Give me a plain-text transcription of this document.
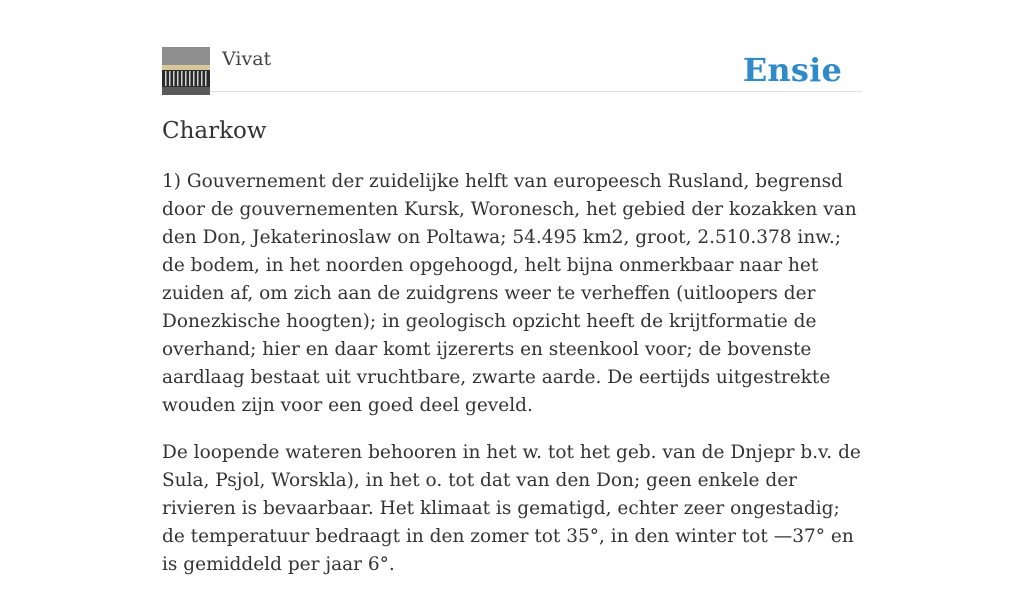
Vivat	Ensie
Charkow

1) Gouvernement der zuidelijke helft van europeesch Rusland, begrensd door de gouvernementen Kursk, Woronesch, het gebied der kozakken van den Don, Jekaterinoslaw on Poltawa; 54.495 km2, groot, 2.510.378 inw.; de bodem, in het noorden opgehoogd, helt bijna onmerkbaar naar het zuiden af, om zich aan de zuidgrens weer te verheffen (uitloopers der Donezkische hoogten); in geologisch opzicht heeft de krijtformatie de overhand; hier en daar komt ijzererts en steenkool voor; de bovenste aardlaag bestaat uit vruchtbare, zwarte aarde. De eertijds uitgestrekte wouden zijn voor een goed deel geveld.

De loopende wateren behooren in het w. tot het geb. van de Dnjepr b.v. de Sula, Psjol, Worskla), in het o. tot dat van den Don; geen enkele der rivieren is bevaarbaar. Het klimaat is gematigd, echter zeer ongestadig; de temperatuur bedraagt in den zomer tot 35°, in den winter tot —37° en is gemiddeld per jaar 6°.
